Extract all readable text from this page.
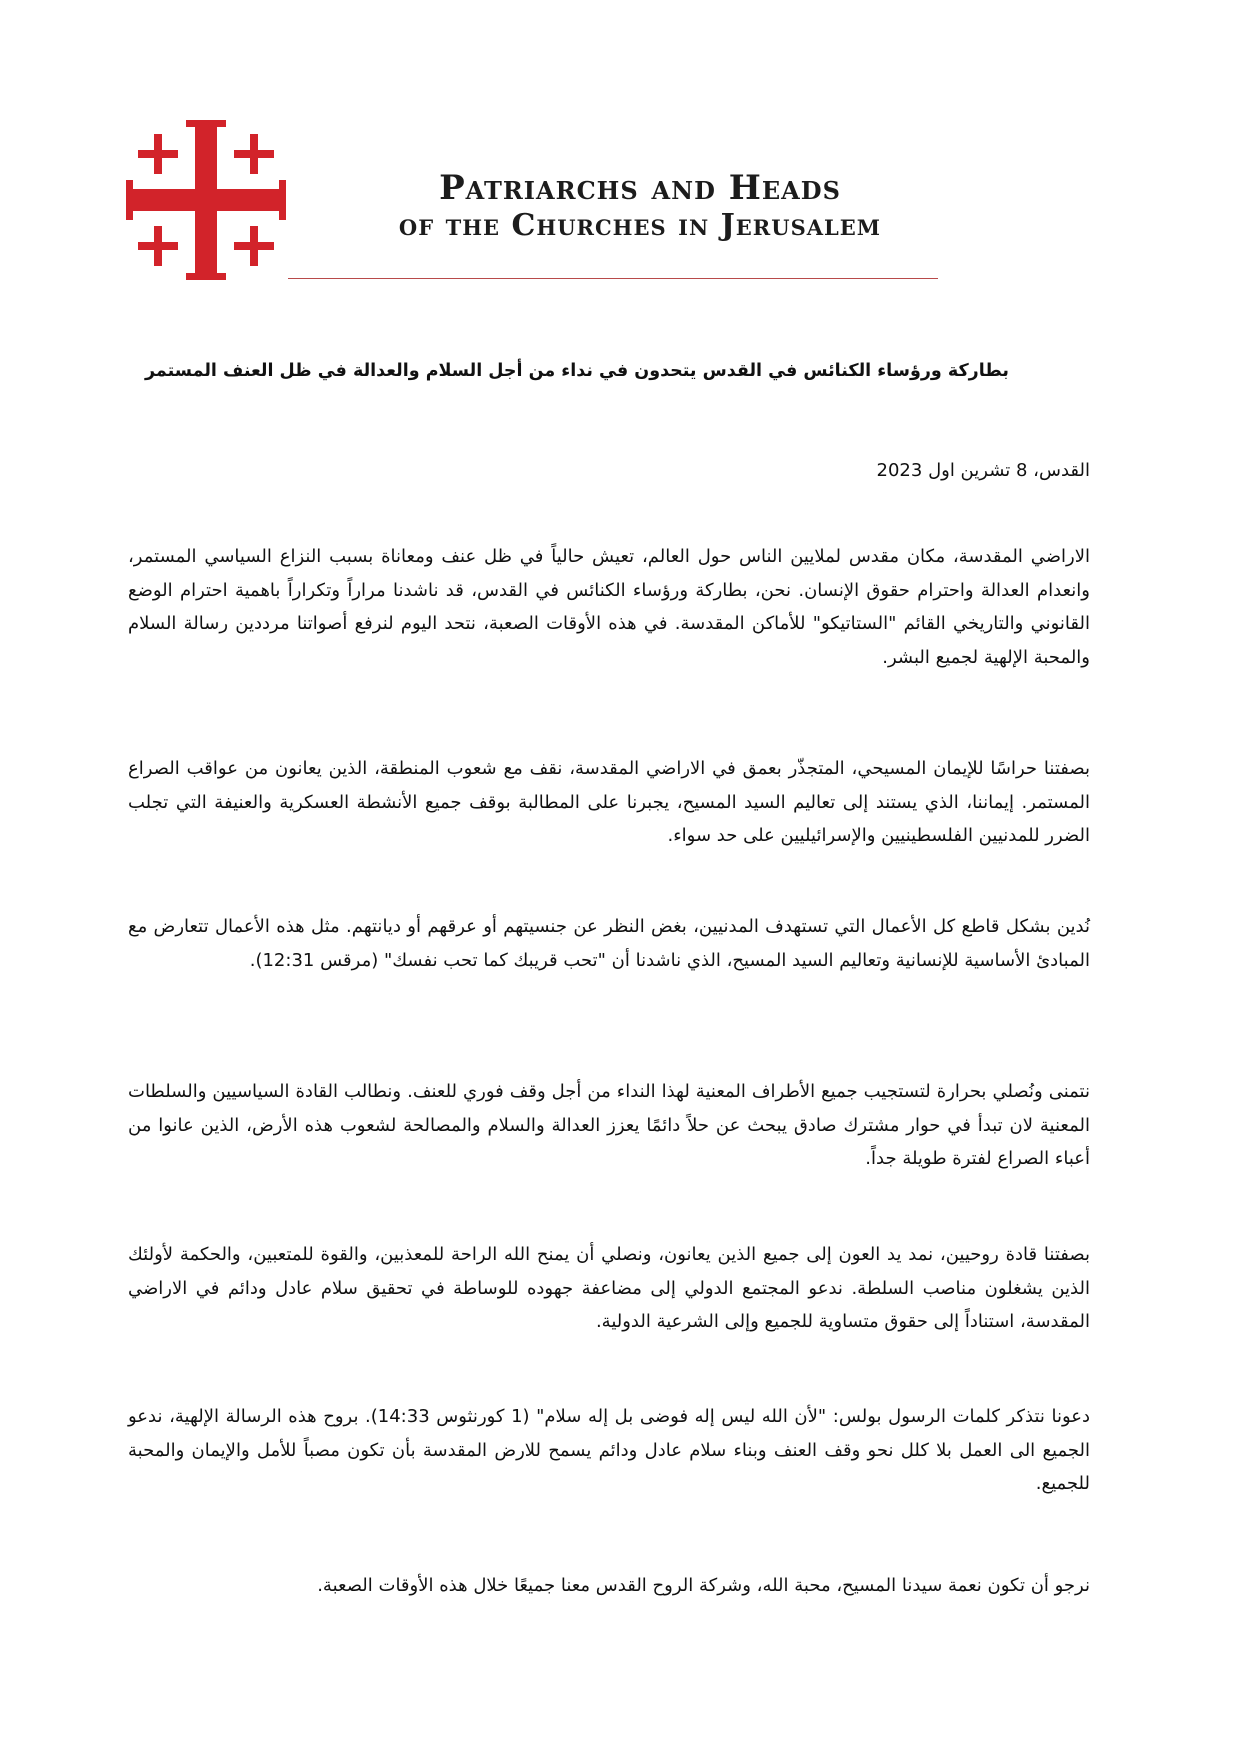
Patriarchs and Heads
of the Churches in Jerusalem
بطاركة ورؤساء الكنائس في القدس يتحدون في نداء من أجل السلام والعدالة في ظل العنف المستمر
القدس، 8 تشرين اول 2023

الاراضي المقدسة، مكان مقدس لملايين الناس حول العالم، تعيش حالياً في ظل عنف ومعاناة بسبب النزاع السياسي المستمر، وانعدام العدالة واحترام حقوق الإنسان. نحن، بطاركة ورؤساء الكنائس في القدس، قد ناشدنا مراراً وتكراراً باهمية احترام الوضع القانوني والتاريخي القائم "الستاتيكو" للأماكن المقدسة. في هذه الأوقات الصعبة، نتحد اليوم لنرفع أصواتنا مرددين رسالة السلام والمحبة الإلهية لجميع البشر.

بصفتنا حراسًا للإيمان المسيحي، المتجذّر بعمق في الاراضي المقدسة، نقف مع شعوب المنطقة، الذين يعانون من عواقب الصراع المستمر. إيماننا، الذي يستند إلى تعاليم السيد المسيح، يجبرنا على المطالبة بوقف جميع الأنشطة العسكرية والعنيفة التي تجلب الضرر للمدنيين الفلسطينيين والإسرائيليين على حد سواء.

نُدين بشكل قاطع كل الأعمال التي تستهدف المدنيين، بغض النظر عن جنسيتهم أو عرقهم أو ديانتهم. مثل هذه الأعمال تتعارض مع المبادئ الأساسية للإنسانية وتعاليم السيد المسيح، الذي ناشدنا أن "تحب قريبك كما تحب نفسك" (مرقس 12:31).

نتمنى ونُصلي بحرارة لتستجيب جميع الأطراف المعنية لهذا النداء من أجل وقف فوري للعنف. ونطالب القادة السياسيين والسلطات المعنية لان تبدأ في حوار مشترك صادق يبحث عن حلاً دائمًا يعزز العدالة والسلام والمصالحة لشعوب هذه الأرض، الذين عانوا من أعباء الصراع لفترة طويلة جداً.

بصفتنا قادة روحيين، نمد يد العون إلى جميع الذين يعانون، ونصلي أن يمنح الله الراحة للمعذبين، والقوة للمتعبين، والحكمة لأولئك الذين يشغلون مناصب السلطة. ندعو المجتمع الدولي إلى مضاعفة جهوده للوساطة في تحقيق سلام عادل ودائم في الاراضي المقدسة، استناداً إلى حقوق متساوية للجميع وإلى الشرعية الدولية.

دعونا نتذكر كلمات الرسول بولس: "لأن الله ليس إله فوضى بل إله سلام" (1 كورنثوس 14:33). بروح هذه الرسالة الإلهية، ندعو الجميع الى العمل بلا كلل نحو وقف العنف وبناء سلام عادل ودائم يسمح للارض المقدسة بأن تكون مصباً للأمل والإيمان والمحبة للجميع.

نرجو أن تكون نعمة سيدنا المسيح، محبة الله، وشركة الروح القدس معنا جميعًا خلال هذه الأوقات الصعبة.
